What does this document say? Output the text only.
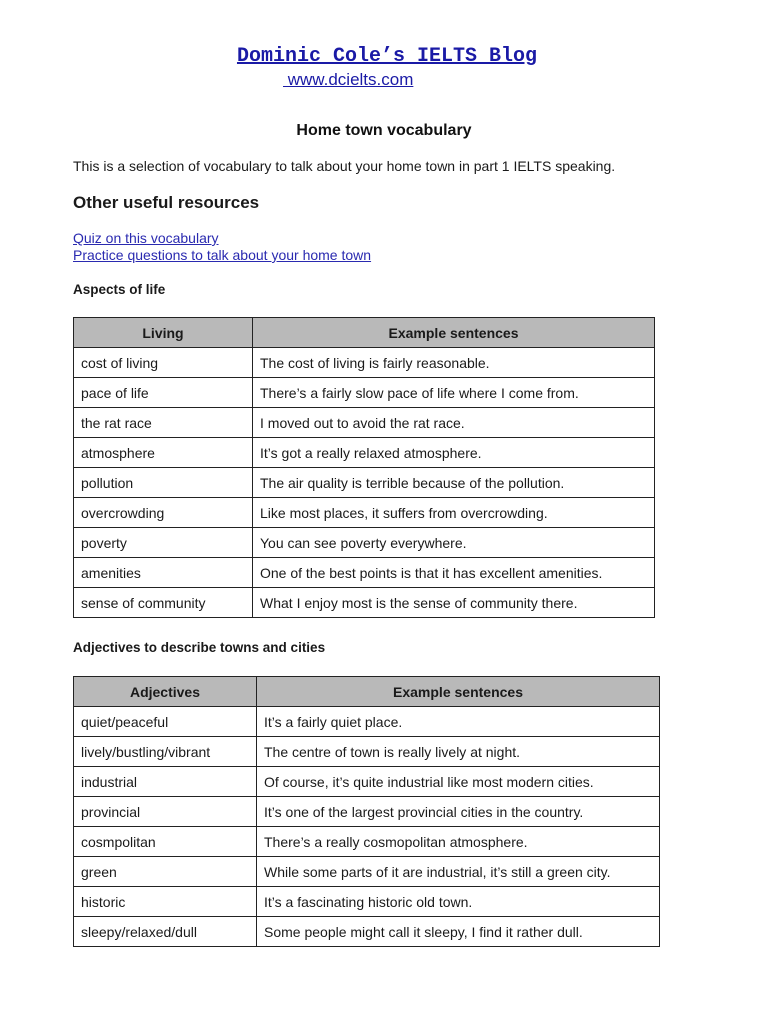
Dominic Cole’s IELTS Blog
www.dcielts.com
Home town vocabulary
This is a selection of vocabulary to talk about your home town in part 1 IELTS speaking.
Other useful resources
Quiz on this vocabulary
Practice questions to talk about your home town
Aspects of life
Living	Example sentences
cost of living	The cost of living is fairly reasonable.
pace of life	There’s a fairly slow pace of life where I come from.
the rat race	I moved out to avoid the rat race.
atmosphere	It’s got a really relaxed atmosphere.
pollution	The air quality is terrible because of the pollution.
overcrowding	Like most places, it suffers from overcrowding.
poverty	You can see poverty everywhere.
amenities	One of the best points is that it has excellent amenities.
sense of community	What I enjoy most is the sense of community there.
Adjectives to describe towns and cities
Adjectives	Example sentences
quiet/peaceful	It’s a fairly quiet place.
lively/bustling/vibrant	The centre of town is really lively at night.
industrial	Of course, it’s quite industrial like most modern cities.
provincial	It’s one of the largest provincial cities in the country.
cosmpolitan	There’s a really cosmopolitan atmosphere.
green	While some parts of it are industrial, it’s still a green city.
historic	It’s a fascinating historic old town.
sleepy/relaxed/dull	Some people might call it sleepy, I find it rather dull.
